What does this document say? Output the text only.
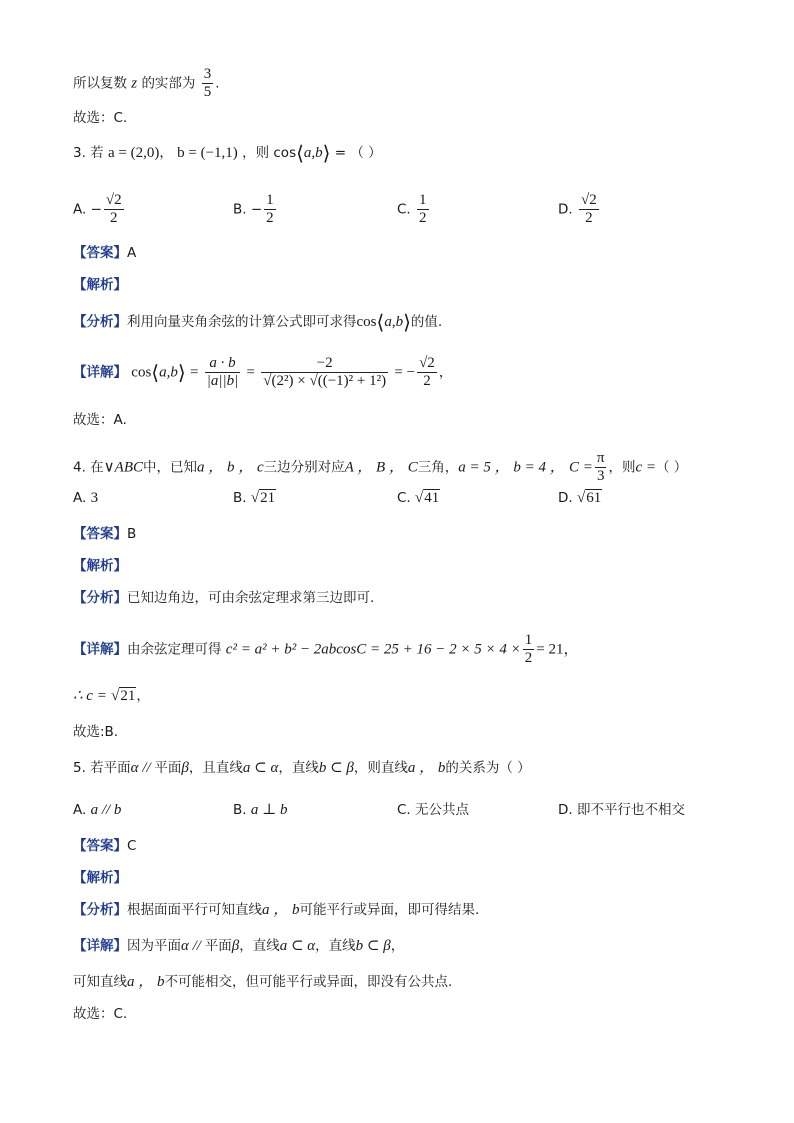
所以复数 z 的实部为 $\frac{3}{5}$ .
故选：C.
3. 若 a = (2,0)， b = (−1,1) ，则 cos⟨a,b⟩ = （ ）
A. − $\frac{√2}{2}$	B. − $\frac{1}{2}$	C. $\frac{1}{2}$	D. $\frac{√2}{2}$
【答案】A
【解析】
【分析】利用向量夹角余弦的计算公式即可求得cos⟨a,b⟩的值.
【详解】 cos⟨a,b⟩ = $\frac{a \cdot b}{|a||b|} = \frac{-2}{\text{√(2²) × √((−1)² + 1²)}}$ = − $\frac{√2}{2}$ ，
故选：A.
4. 在∨ABC中，已知a ， b ， c三边分别对应A ， B ， C三角，a = 5 ， b = 4 ， $C = \frac{\pi}{3}$ ，则c =（ ）
A. 3	B. √21	C. √41	D. √61
【答案】B
【解析】
【分析】已知边角边，可由余弦定理求第三边即可.
【详解】由余弦定理可得 $c^2 = a^2 + b^2 - 2abcosC = 25 + 16 - 2 \times 5 \times 4 \times \frac{1}{2} = 21$，
∴ c = √21，
故选:B.
5. 若平面α // 平面β，且直线a ⊂ α，直线b ⊂ β，则直线a ， b的关系为（ ）
A. a // b	B. a ⊥ b	C. 无公共点	D. 即不平行也不相交
【答案】C
【解析】
【分析】根据面面平行可知直线a ， b可能平行或异面，即可得结果.
【详解】因为平面α // 平面β，直线a ⊂ α，直线b ⊂ β，
可知直线a ， b不可能相交，但可能平行或异面，即没有公共点.
故选：C.
